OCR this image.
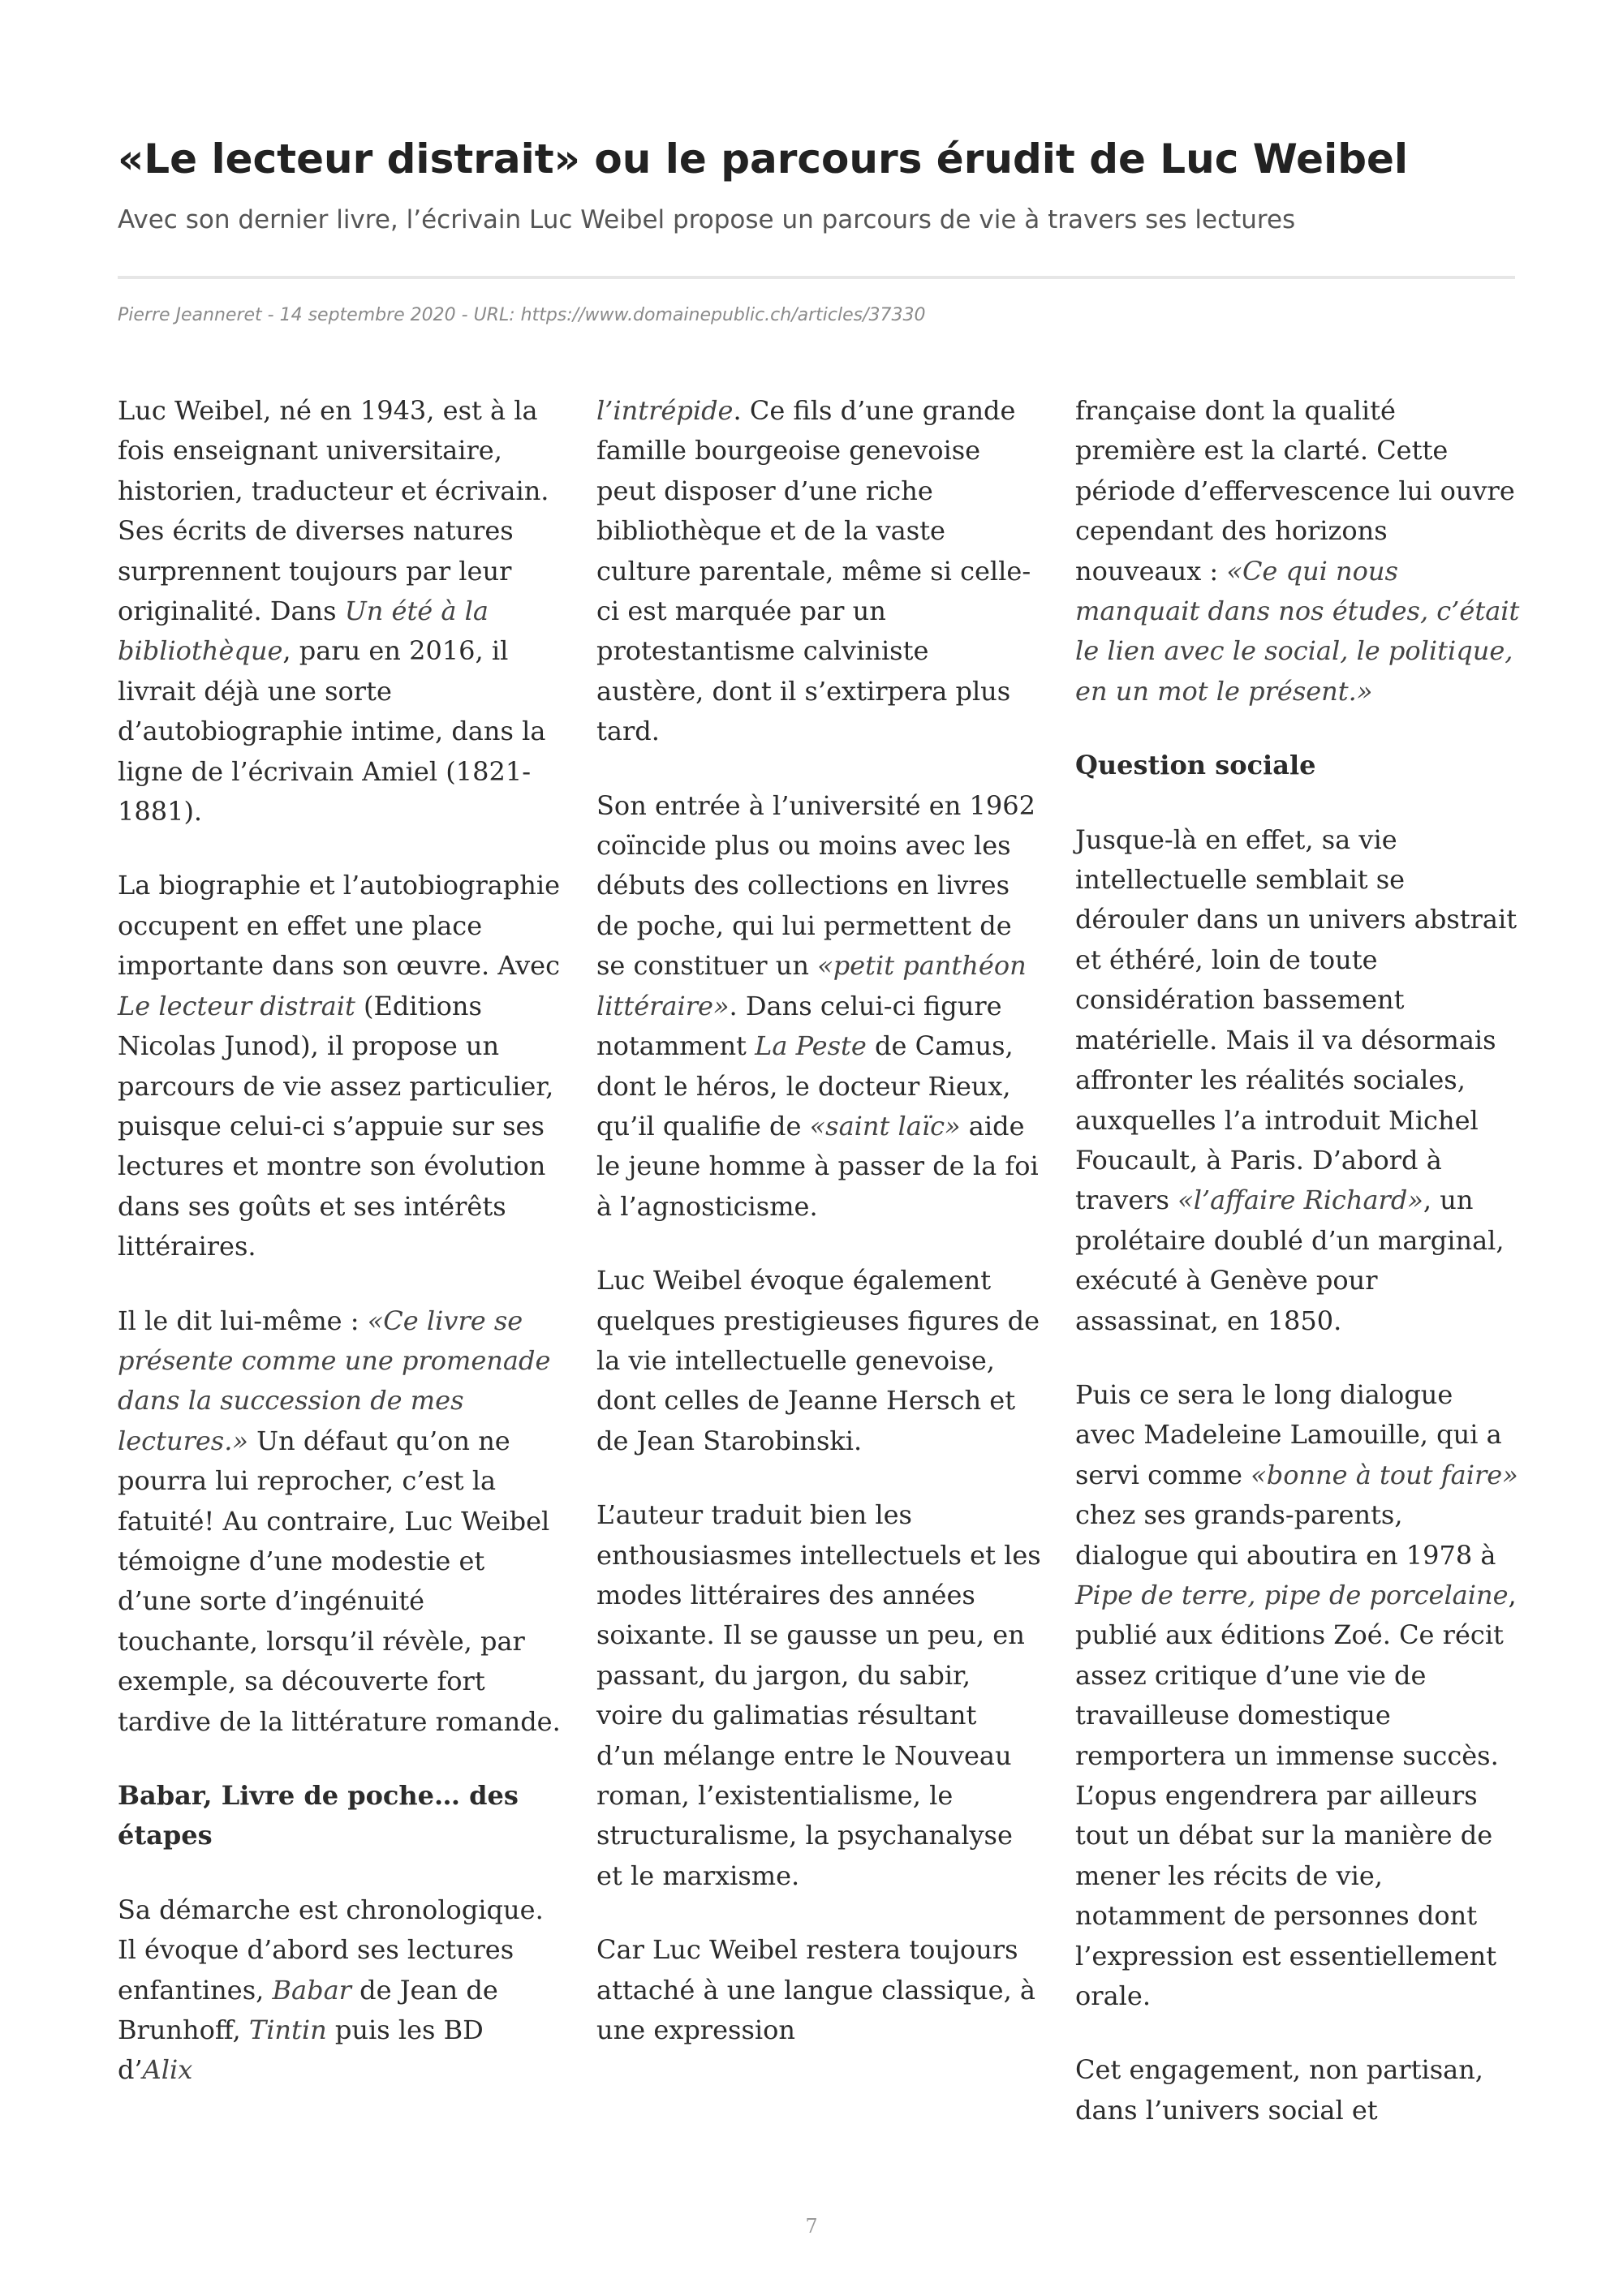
«Le lecteur distrait» ou le parcours érudit de Luc Weibel

Avec son dernier livre, l’écrivain Luc Weibel propose un parcours de vie à travers ses lectures

Pierre Jeanneret - 14 septembre 2020 - URL: https://www.domainepublic.ch/articles/37330

Luc Weibel, né en 1943, est à la fois enseignant universitaire, historien, traducteur et écrivain. Ses écrits de diverses natures surprennent toujours par leur originalité. Dans Un été à la bibliothèque, paru en 2016, il livrait déjà une sorte d’autobiographie intime, dans la ligne de l’écrivain Amiel (1821-1881).

La biographie et l’autobiographie occupent en effet une place importante dans son œuvre. Avec Le lecteur distrait (Editions Nicolas Junod), il propose un parcours de vie assez particulier, puisque celui-ci s’appuie sur ses lectures et montre son évolution dans ses goûts et ses intérêts littéraires.

Il le dit lui-même : «Ce livre se présente comme une promenade dans la succession de mes lectures.» Un défaut qu’on ne pourra lui reprocher, c’est la fatuité! Au contraire, Luc Weibel témoigne d’une modestie et d’une sorte d’ingénuité touchante, lorsqu’il révèle, par exemple, sa découverte fort tardive de la littérature romande.

Babar, Livre de poche… des étapes

Sa démarche est chronologique. Il évoque d’abord ses lectures enfantines, Babar de Jean de Brunhoff, Tintin puis les BD d’Alix

l’intrépide. Ce fils d’une grande famille bourgeoise genevoise peut disposer d’une riche bibliothèque et de la vaste culture parentale, même si celle-ci est marquée par un protestantisme calviniste austère, dont il s’extirpera plus tard.

Son entrée à l’université en 1962 coïncide plus ou moins avec les débuts des collections en livres de poche, qui lui permettent de se constituer un «petit panthéon littéraire». Dans celui-ci figure notamment La Peste de Camus, dont le héros, le docteur Rieux, qu’il qualifie de «saint laïc» aide le jeune homme à passer de la foi à l’agnosticisme.

Luc Weibel évoque également quelques prestigieuses figures de la vie intellectuelle genevoise, dont celles de Jeanne Hersch et de Jean Starobinski.

L’auteur traduit bien les enthousiasmes intellectuels et les modes littéraires des années soixante. Il se gausse un peu, en passant, du jargon, du sabir, voire du galimatias résultant d’un mélange entre le Nouveau roman, l’existentialisme, le structuralisme, la psychanalyse et le marxisme.

Car Luc Weibel restera toujours attaché à une langue classique, à une expression

française dont la qualité première est la clarté. Cette période d’effervescence lui ouvre cependant des horizons nouveaux : «Ce qui nous manquait dans nos études, c’était le lien avec le social, le politique, en un mot le présent.»

Question sociale

Jusque-là en effet, sa vie intellectuelle semblait se dérouler dans un univers abstrait et éthéré, loin de toute considération bassement matérielle. Mais il va désormais affronter les réalités sociales, auxquelles l’a introduit Michel Foucault, à Paris. D’abord à travers «l’affaire Richard», un prolétaire doublé d’un marginal, exécuté à Genève pour assassinat, en 1850.

Puis ce sera le long dialogue avec Madeleine Lamouille, qui a servi comme «bonne à tout faire» chez ses grands-parents, dialogue qui aboutira en 1978 à Pipe de terre, pipe de porcelaine, publié aux éditions Zoé. Ce récit assez critique d’une vie de travailleuse domestique remportera un immense succès. L’opus engendrera par ailleurs tout un débat sur la manière de mener les récits de vie, notamment de personnes dont l’expression est essentiellement orale.

Cet engagement, non partisan, dans l’univers social et

7
